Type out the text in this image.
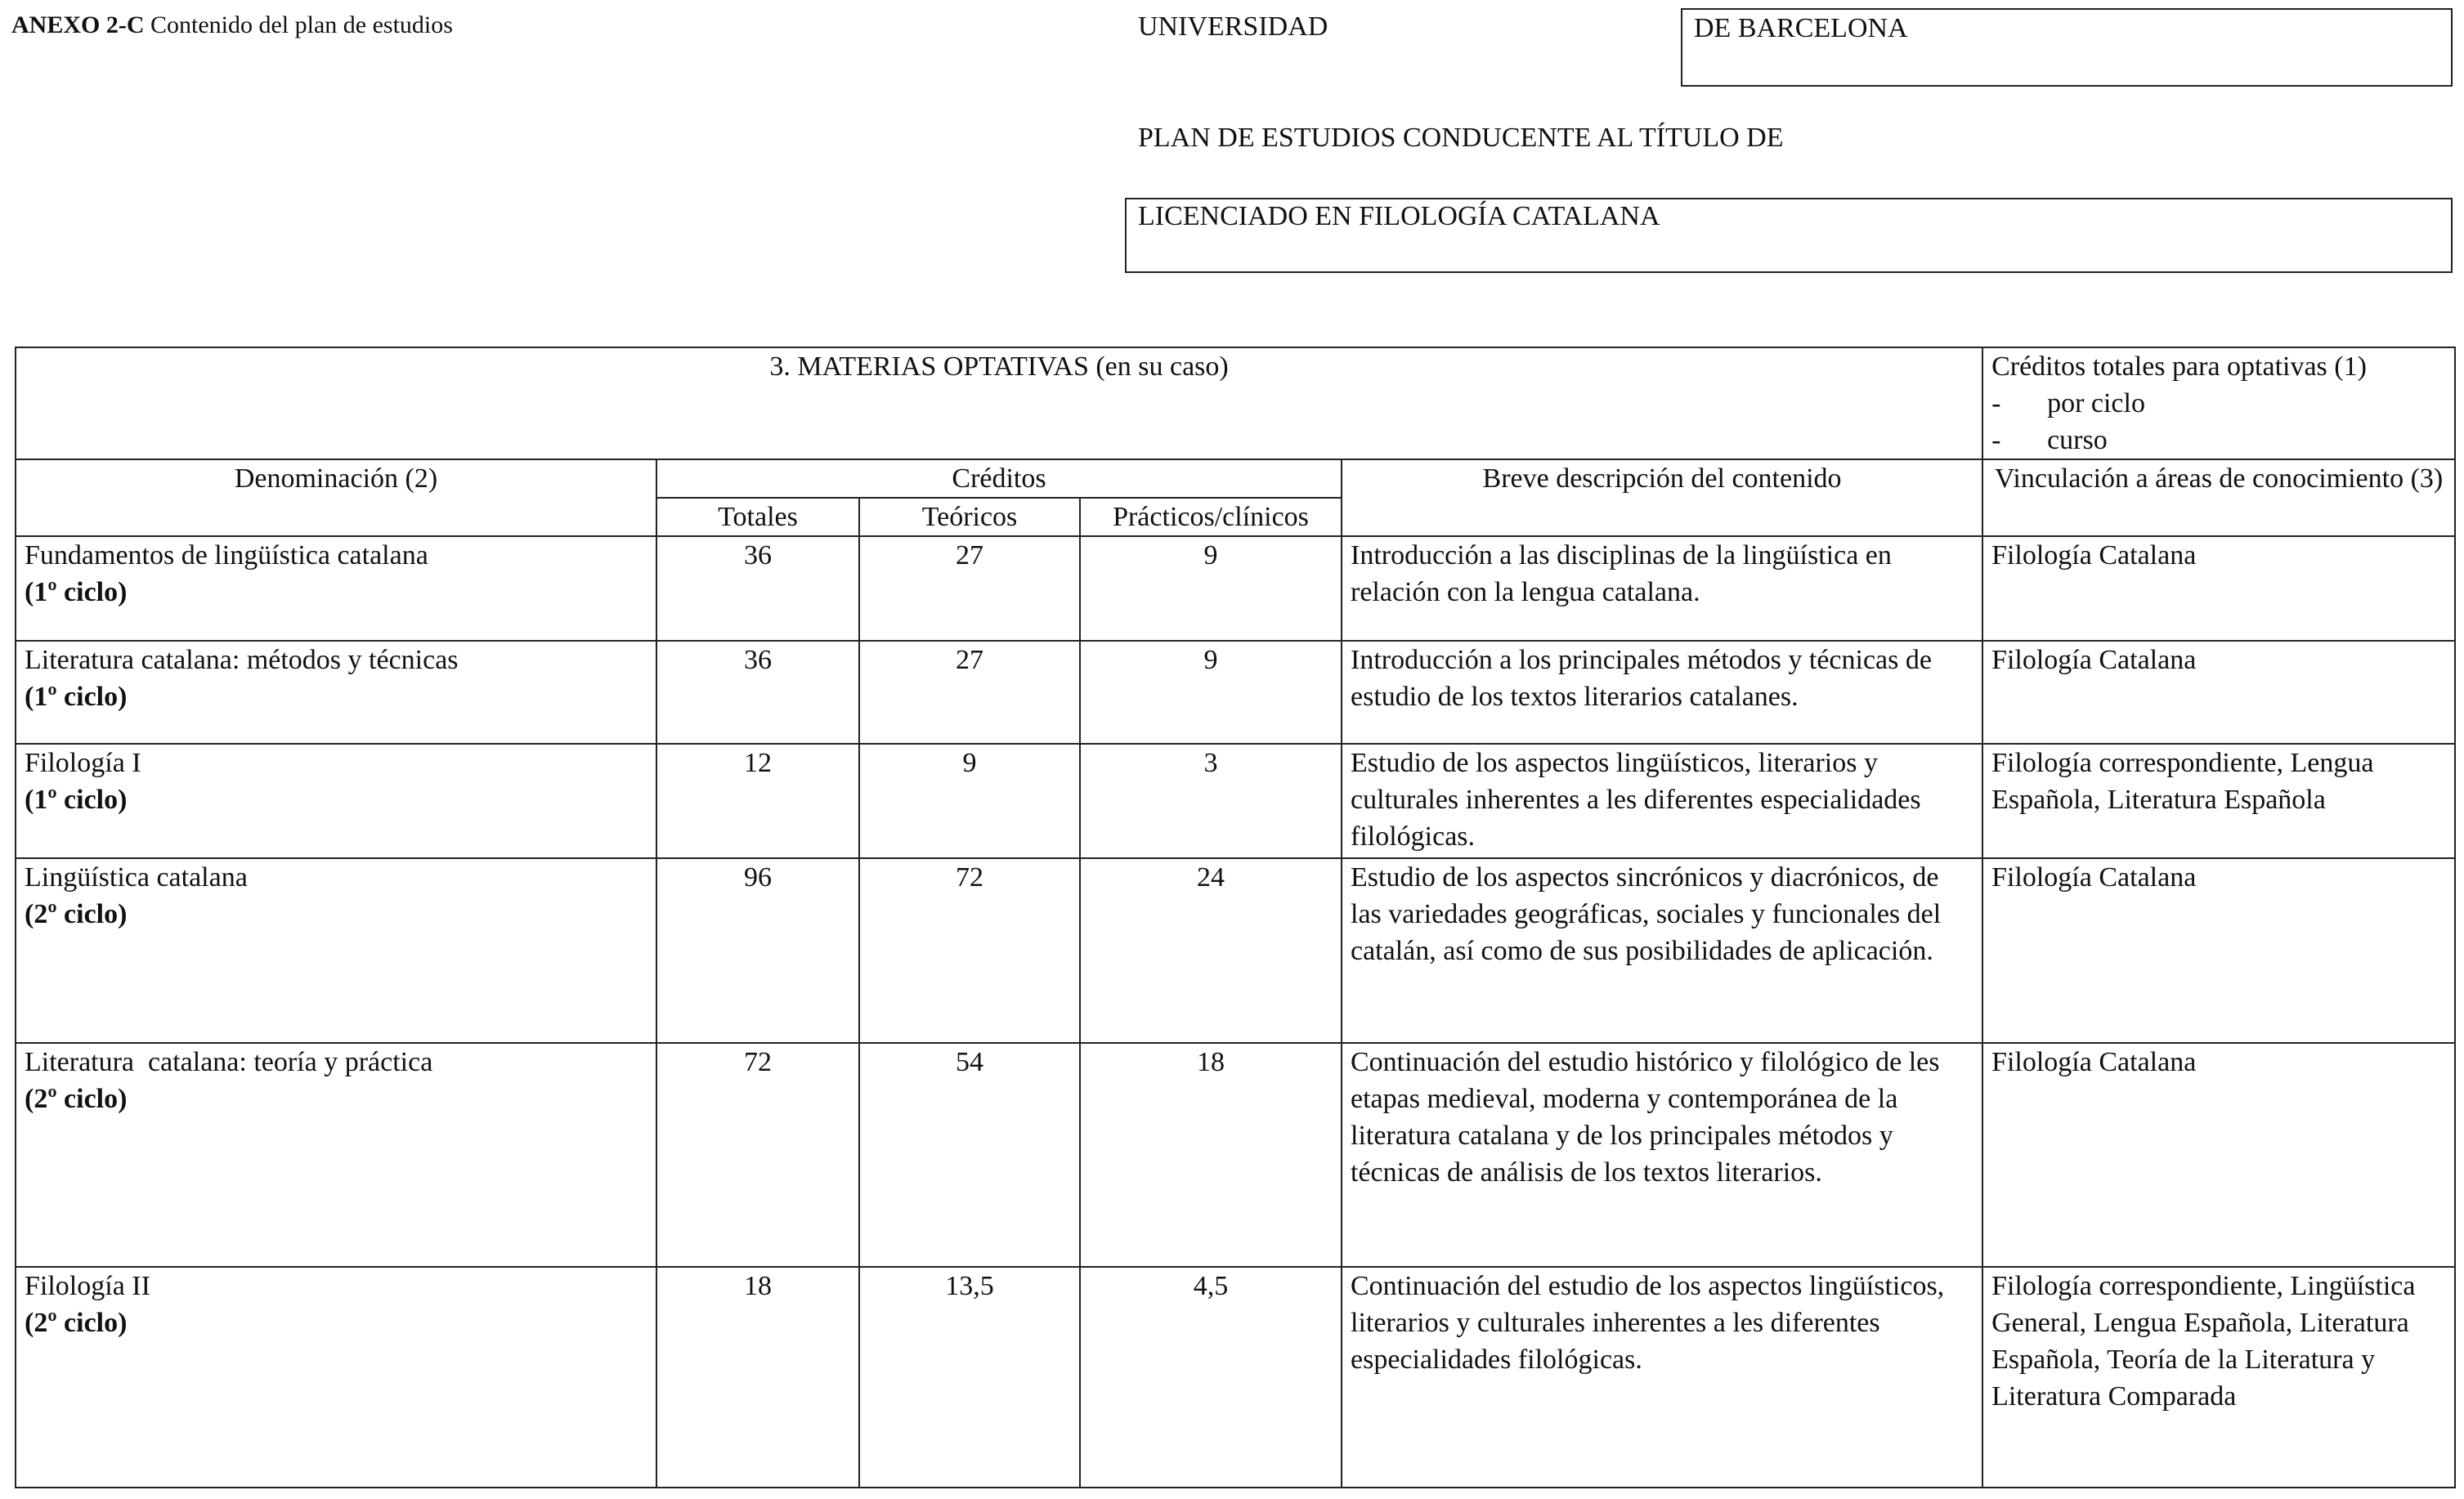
ANEXO 2-C Contenido del plan de estudios	UNIVERSIDAD	DE BARCELONA
PLAN DE ESTUDIOS CONDUCENTE AL TÍTULO DE
LICENCIADO EN FILOLOGÍA CATALANA
3. MATERIAS OPTATIVAS (en su caso)					Créditos totales para optativas (1)
- por ciclo
- curso

Denominación (2)	Créditos			Breve descripción del contenido	Vinculación a áreas de conocimiento (3)
	Totales	Teóricos	Prácticos/clínicos		

Fundamentos de lingüística catalana
(1º ciclo)	36	27	9	Introducción a las disciplinas de la lingüística en relación con la lengua catalana.	Filología Catalana

Literatura catalana: métodos y técnicas
(1º ciclo)	36	27	9	Introducción a los principales métodos y técnicas de estudio de los textos literarios catalanes.	Filología Catalana

Filología I
(1º ciclo)	12	9	3	Estudio de los aspectos lingüísticos, literarios y culturales inherentes a les diferentes especialidades filológicas.	Filología correspondiente, Lengua Española, Literatura Española

Lingüística catalana
(2º ciclo)	96	72	24	Estudio de los aspectos sincrónicos y diacrónicos, de las variedades geográficas, sociales y funcionales del catalán, así como de sus posibilidades de aplicación.	Filología Catalana

Literatura  catalana: teoría y práctica
(2º ciclo)	72	54	18	Continuación del estudio histórico y filológico de les etapas medieval, moderna y contemporánea de la literatura catalana y de los principales métodos y técnicas de análisis de los textos literarios.	Filología Catalana

Filología II
(2º ciclo)	18	13,5	4,5	Continuación del estudio de los aspectos lingüísticos, literarios y culturales inherentes a les diferentes especialidades filológicas.	Filología correspondiente, Lingüística General, Lengua Española, Literatura Española, Teoría de la Literatura y Literatura Comparada
